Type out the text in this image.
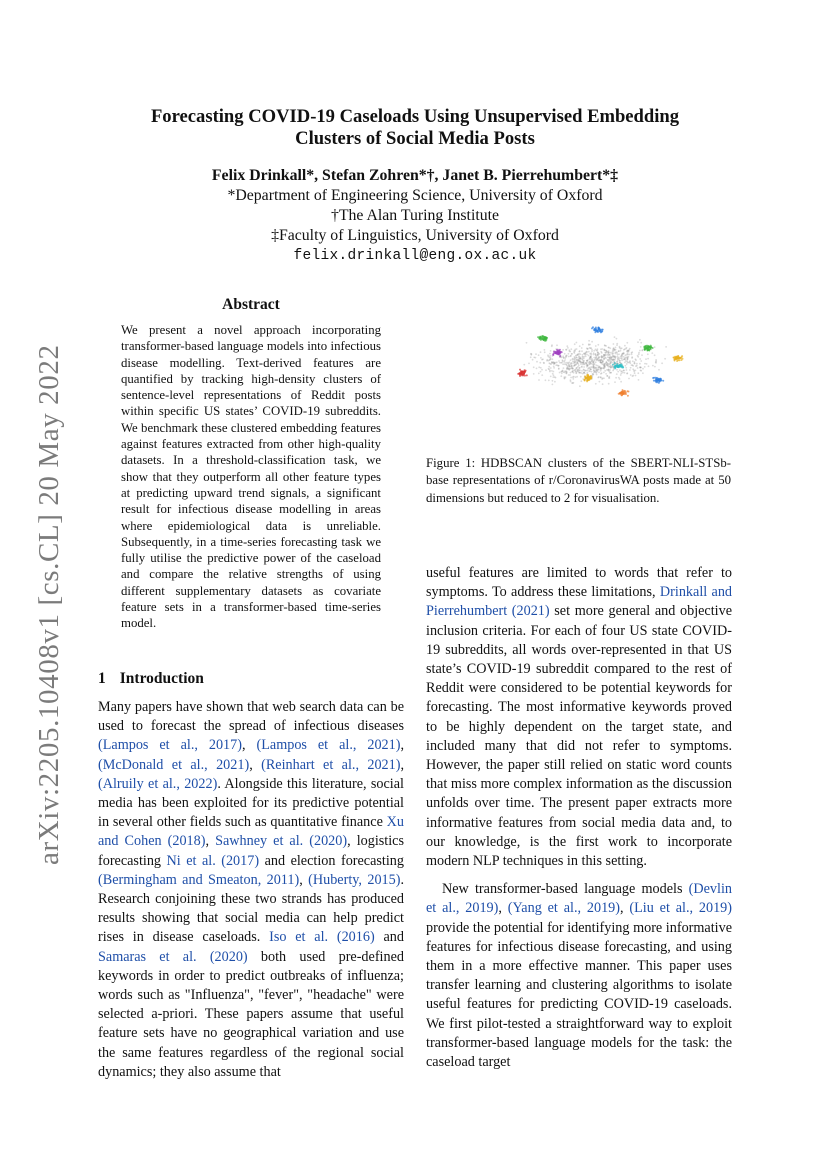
arXiv:2205.10408v1 [cs.CL] 20 May 2022
Forecasting COVID-19 Caseloads Using Unsupervised Embedding
Clusters of Social Media Posts
Felix Drinkall*, Stefan Zohren*†, Janet B. Pierrehumbert*‡
*Department of Engineering Science, University of Oxford
†The Alan Turing Institute
‡Faculty of Linguistics, University of Oxford
felix.drinkall@eng.ox.ac.uk
Abstract
We present a novel approach incorporating transformer-based language models into infectious disease modelling. Text-derived features are quantified by tracking high-density clusters of sentence-level representations of Reddit posts within specific US states’ COVID-19 subreddits. We benchmark these clustered embedding features against features extracted from other high-quality datasets. In a threshold-classification task, we show that they outperform all other feature types at predicting upward trend signals, a significant result for infectious disease modelling in areas where epidemiological data is unreliable. Subsequently, in a time-series forecasting task we fully utilise the predictive power of the caseload and compare the relative strengths of using different supplementary datasets as covariate feature sets in a transformer-based time-series model.
Figure 1: HDBSCAN clusters of the SBERT-NLI-STSb-base representations of r/CoronavirusWA posts made at 50 dimensions but reduced to 2 for visualisation.
1 Introduction

Many papers have shown that web search data can be used to forecast the spread of infectious diseases (Lampos et al., 2017), (Lampos et al., 2021), (McDonald et al., 2021), (Reinhart et al., 2021), (Alruily et al., 2022). Alongside this literature, social media has been exploited for its predictive potential in several other fields such as quantitative finance Xu and Cohen (2018), Sawhney et al. (2020), logistics forecasting Ni et al. (2017) and election forecasting (Bermingham and Smeaton, 2011), (Huberty, 2015). Research conjoining these two strands has produced results showing that social media can help predict rises in disease caseloads. Iso et al. (2016) and Samaras et al. (2020) both used pre-defined keywords in order to predict outbreaks of influenza; words such as "Influenza", "fever", "headache" were selected a-priori. These papers assume that useful feature sets have no geographical variation and use the same features regardless of the regional social dynamics; they also assume that

useful features are limited to words that refer to symptoms. To address these limitations, Drinkall and Pierrehumbert (2021) set more general and objective inclusion criteria. For each of four US state COVID-19 subreddits, all words over-represented in that US state’s COVID-19 subreddit compared to the rest of Reddit were considered to be potential keywords for forecasting. The most informative keywords proved to be highly dependent on the target state, and included many that did not refer to symptoms. However, the paper still relied on static word counts that miss more complex information as the discussion unfolds over time. The present paper extracts more informative features from social media data and, to our knowledge, is the first work to incorporate modern NLP techniques in this setting.

New transformer-based language models (Devlin et al., 2019), (Yang et al., 2019), (Liu et al., 2019) provide the potential for identifying more informative features for infectious disease forecasting, and using them in a more effective manner. This paper uses transfer learning and clustering algorithms to isolate useful features for predicting COVID-19 caseloads. We first pilot-tested a straightforward way to exploit transformer-based language models for the task: the caseload target
